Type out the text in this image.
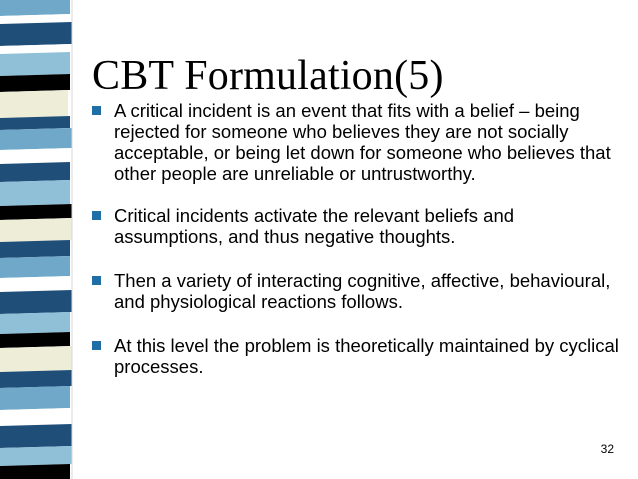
CBT Formulation(5)
A critical incident is an event that fits with a belief – being rejected for someone who believes they are not socially acceptable, or being let down for someone who believes that other people are unreliable or untrustworthy.
Critical incidents activate the relevant beliefs and assumptions, and thus negative thoughts.
Then a variety of interacting cognitive, affective, behavioural, and physiological reactions follows.
At this level the problem is theoretically maintained by cyclical processes.
32
